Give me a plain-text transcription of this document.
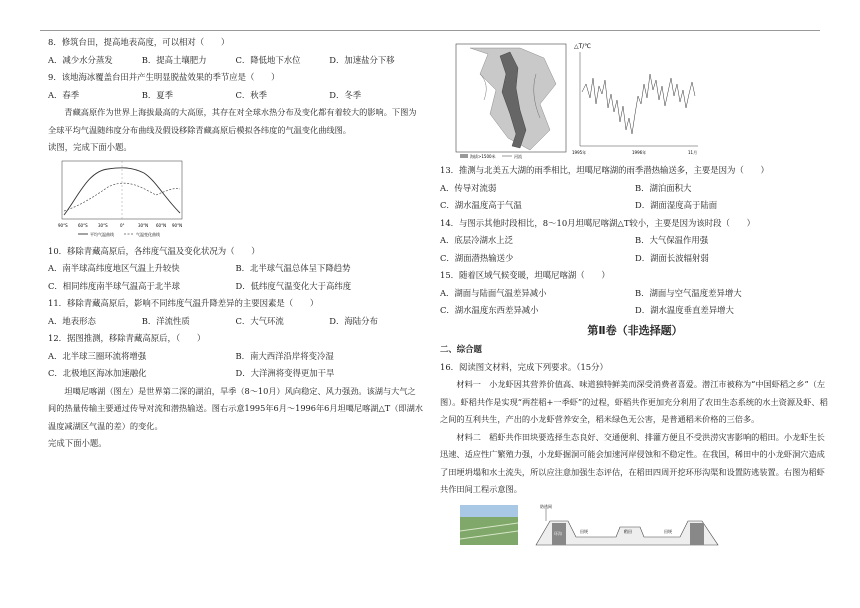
8．修筑台田，提高地表高度，可以相对（　　）

A．减少水分蒸发	B．提高土壤肥力	C．降低地下水位	D．加速盐分下移

9．该地海冰覆盖台田并产生明显脱盐效果的季节应是（　　）

A．春季	B．夏季	C．秋季	D．冬季

青藏高原作为世界上海拔最高的大高原，其存在对全球水热分布及变化都有着较大的影响。下图为全球平均气温随纬度分布曲线及假设移除青藏高原后模拟各纬度的气温变化曲线图。

读图，完成下面小题。

90°S	60°S	30°S	0°	30°N 60°N 90°N
平均气温曲线	气温变化曲线

10．移除青藏高原后，各纬度气温及变化状况为（　　）

A．南半球高纬度地区气温上升较快	B．北半球气温总体呈下降趋势
C．相同纬度南半球气温高于北半球	D．低纬度气温变化大于高纬度

11．移除青藏高原后，影响不同纬度气温升降差异的主要因素是（　　）

A．地表形态	B．洋流性质	C．大气环流	D．海陆分布

12．据图推测，移除青藏高原后，（　　）

A．北半球三圈环流将增强	B．南大西洋沿岸将变冷湿
C．北极地区海冰加速融化	D．大洋洲将变得更加干旱

坦噶尼喀湖（图左）是世界第二深的湖泊，旱季（8～10月）风向稳定、风力强劲。该湖与大气之间的热量传输主要通过传导对流和潜热输送。图右示意1995年6月～1996年6月坦噶尼喀湖△T（即湖水温度减湖区气温的差）的变化。

完成下面小题。

海拔>1500米	河流
△T/℃
1995年	1996年	11月

13．推测与北美五大湖的雨季相比，坦噶尼喀湖的雨季潜热输送多，主要是因为（　　）

A．传导对流弱	B．湖泊面积大
C．湖水温度高于气温	D．湖面湿度高于陆面

14．与图示其他时段相比，8～10月坦噶尼喀湖△T较小，主要是因为该时段（　　）

A．底层冷湖水上泛	B．大气保温作用强
C．湖面潜热输送少	D．湖面长波辐射弱

15．随着区域气候变暖，坦噶尼喀湖（　　）

A．湖面与陆面气温差异减小	B．湖面与空气温度差异增大
C．湖水温度东西差异减小	D．湖水温度垂直差异增大
第Ⅱ卷（非选择题）

二、综合题

16．阅读图文材料，完成下列要求。（15分）

材料一　小龙虾因其营养价值高、味道独特鲜美而深受消费者喜爱。潜江市被称为“中国虾稻之乡”（左图）。虾稻共作是实现“两茬稻+一季虾”的过程，虾稻共作更加充分利用了农田生态系统的水土资源及虾、稻之间的互利共生，产出的小龙虾营养安全，稻米绿色无公害，是普通稻米价格的三倍多。

材料二　稻虾共作田块要选择生态良好、交通便利、排灌方便且不受洪涝灾害影响的稻田。小龙虾生长迅速、适应性广繁殖力强，小龙虾掘洞可能会加速河岸侵蚀和不稳定性。在我国，稀田中的小龙虾洞穴造成了田埂坍塌和水土流失，所以应注意加强生态评估，在稻田四周开挖环形沟渠和设置防逃装置。右图为稻虾共作田间工程示意图。

防逃网
田埂
环沟	稻田	田埂
